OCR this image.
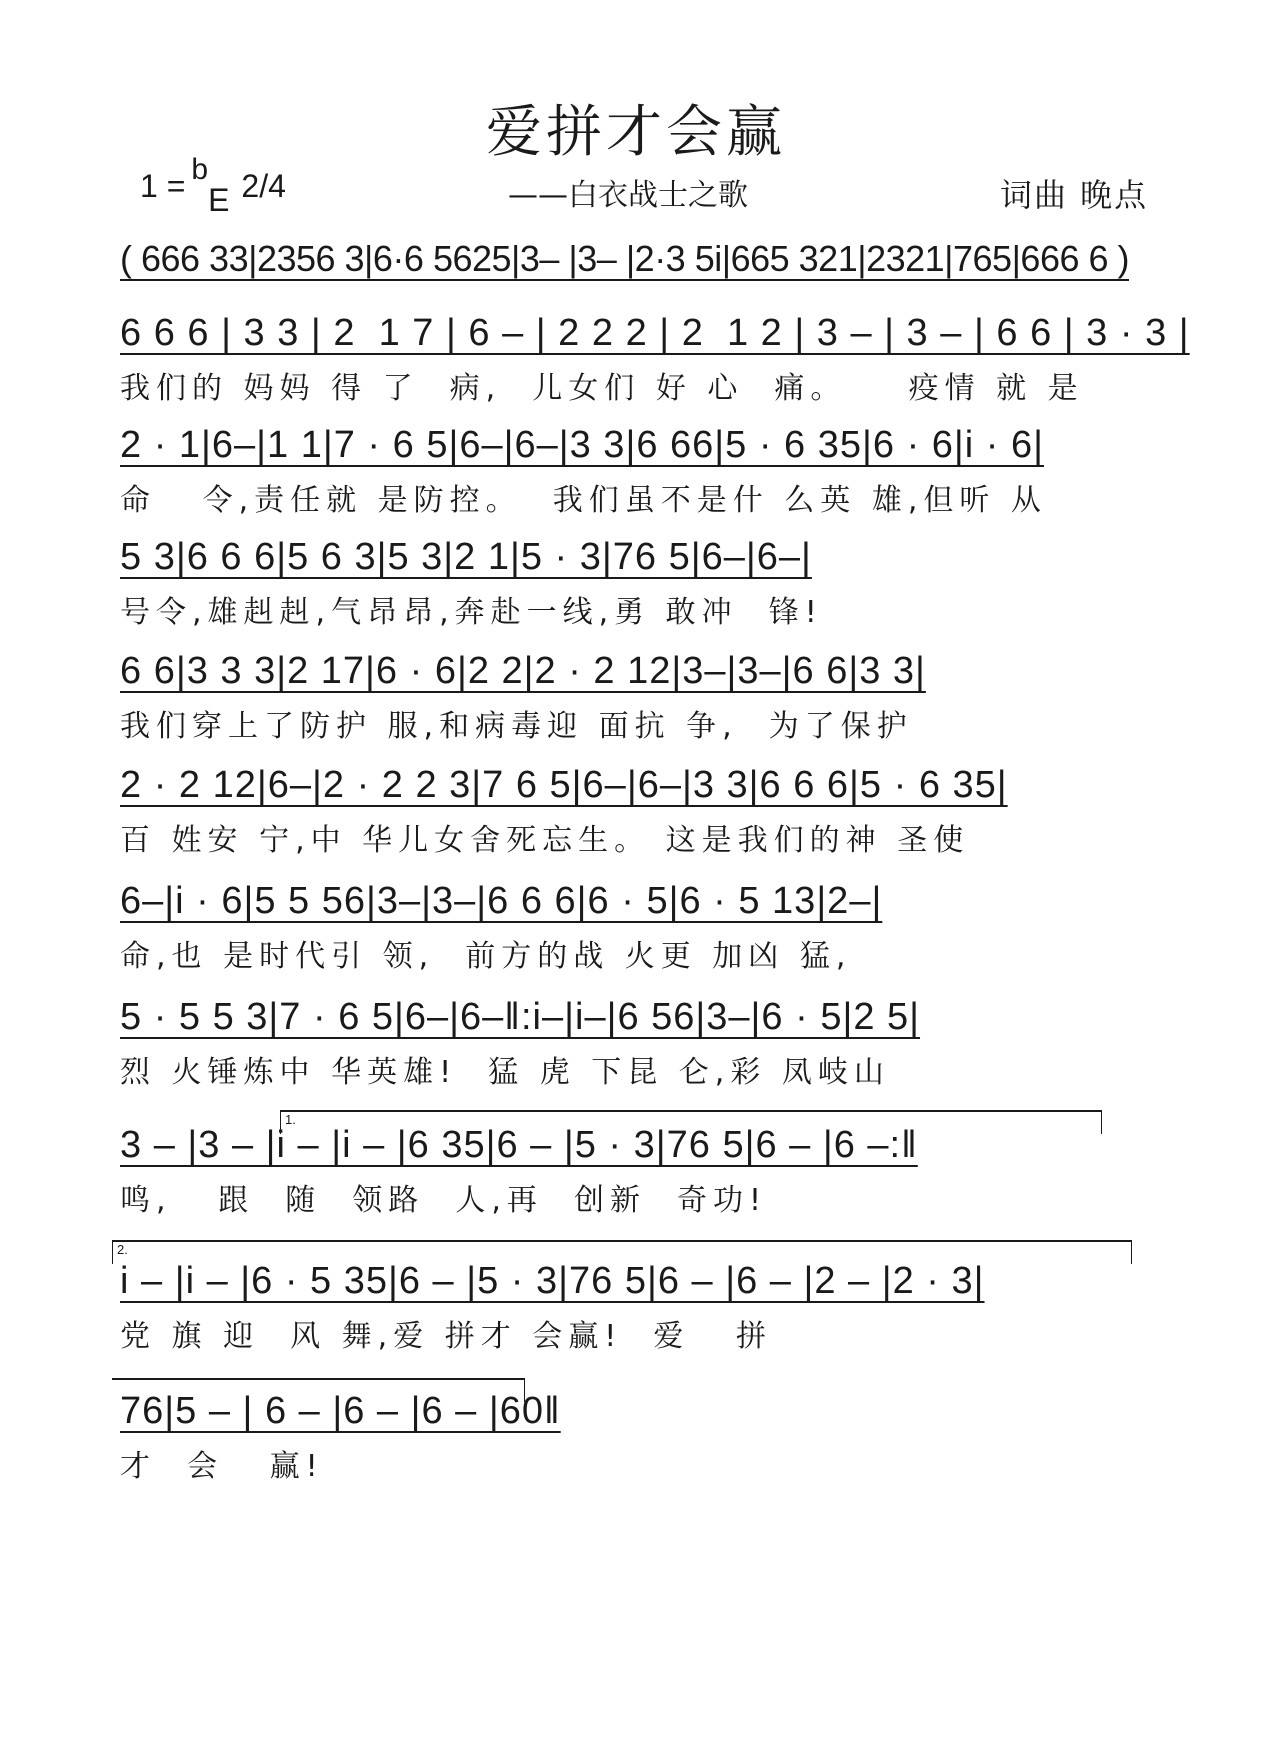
爱拼才会赢
1 = bE 2/4	——白衣战士之歌	词曲 晚点
( 666 33|2356 3|6·6 5625|3– |3– |2·3 5i|665 321|2321|765|666 6 )
6 6 6 | 3 3 | 2  1 7 | 6 – | 2 2 2 | 2  1 2 | 3 – | 3 – | 6 6 | 3 · 3 |
我们的 妈妈 得 了  病,  儿女们 好 心  痛。    疫情 就 是
2 · 1|6–|1 1|7 · 6 5|6–|6–|3 3|6 66|5 · 6 35|6 · 6|i · 6|
命   令,责任就 是防控。  我们虽不是什 么英 雄,但听 从
5 3|6 6 6|5 6 3|5 3|2 1|5 · 3|76 5|6–|6–|
号令,雄赳赳,气昂昂,奔赴一线,勇 敢冲  锋!
6 6|3 3 3|2 17|6 · 6|2 2|2 · 2 12|3–|3–|6 6|3 3|
我们穿上了防护 服,和病毒迎 面抗 争,  为了保护
2 · 2 12|6–|2 · 2 2 3|7 6 5|6–|6–|3 3|6 6 6|5 · 6 35|
百 姓安 宁,中 华儿女舍死忘生。 这是我们的神 圣使
6–|i · 6|5 5 56|3–|3–|6 6 6|6 · 5|6 · 5 13|2–|
命,也 是时代引 领,  前方的战 火更 加凶 猛,
5 · 5 5 3|7 · 6 5|6–|6–‖:i–|i–|6 56|3–|6 · 5|2 5|
烈 火锤炼中 华英雄!  猛 虎 下昆 仑,彩 凤岐山
1.
3 – |3 – |i – |i – |6 35|6 – |5 · 3|76 5|6 – |6 –:‖
鸣,   跟  随  领路  人,再  创新  奇功!
2.
i – |i – |6 · 5 35|6 – |5 · 3|76 5|6 – |6 – |2 – |2 · 3|
党 旗 迎  风 舞,爱 拼才 会赢!  爱   拼
76|5 – | 6 – |6 – |6 – |60‖
才  会   赢!
